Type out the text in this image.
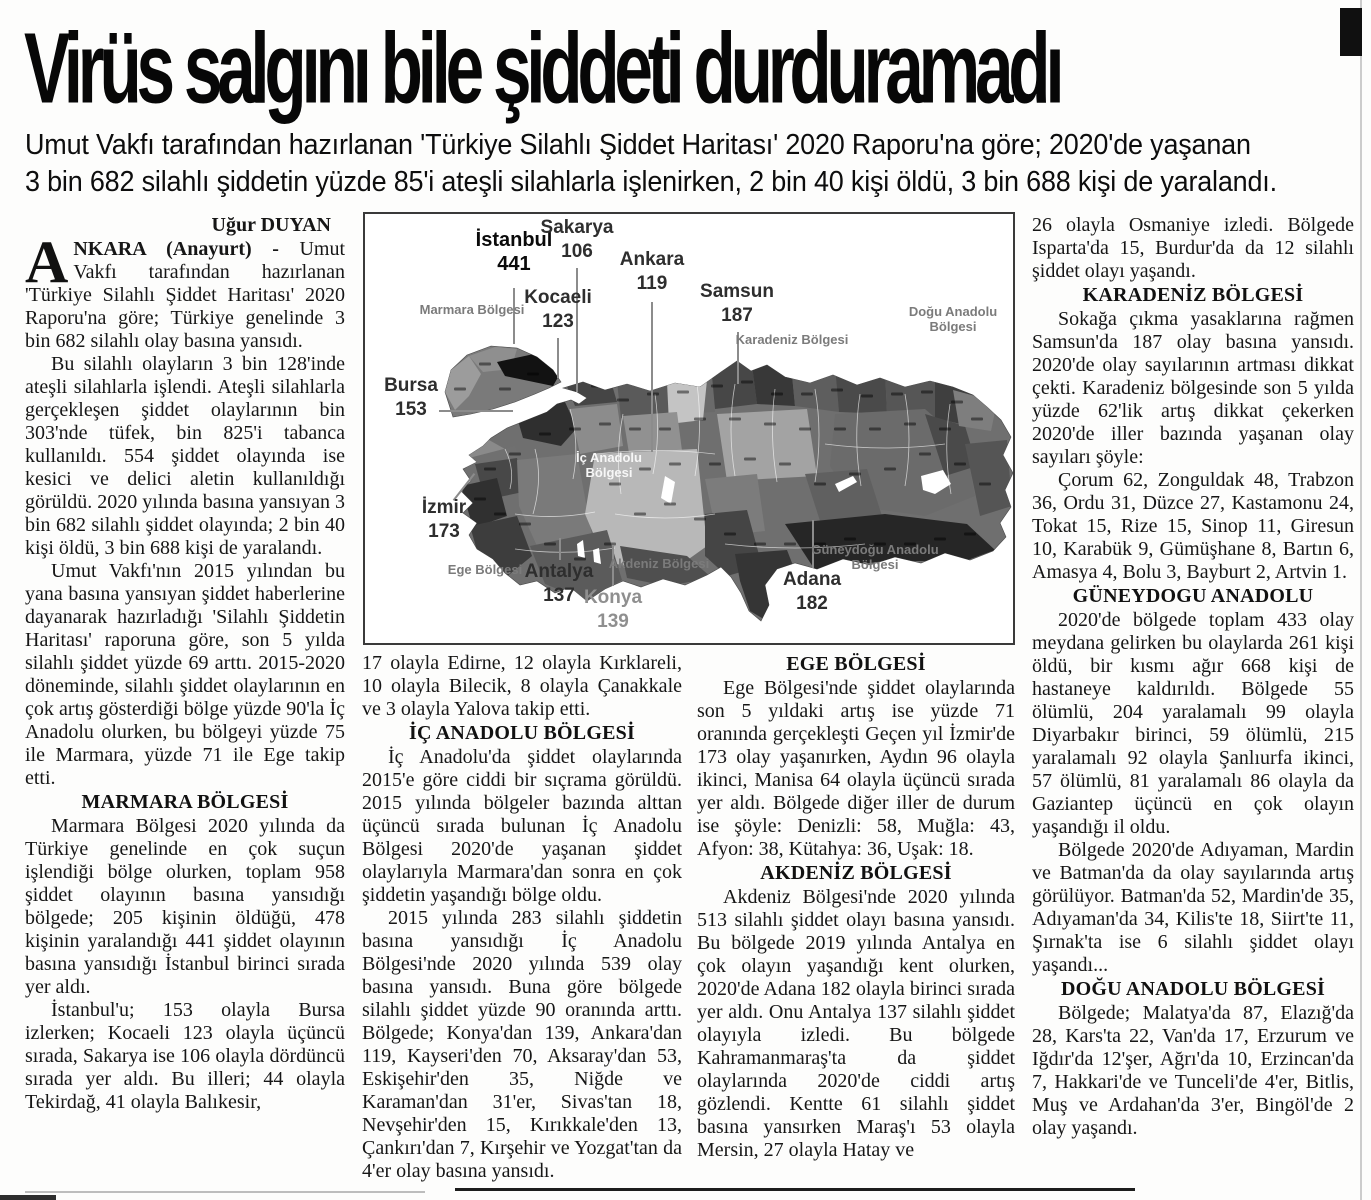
Virüs salgını bile şiddeti durduramadı
Umut Vakfı tarafından hazırlanan 'Türkiye Silahlı Şiddet Haritası' 2020 Raporu'na göre; 2020'de yaşanan
3 bin 682 silahlı şiddetin yüzde 85'i ateşli silahlarla işlenirken, 2 bin 40 kişi öldü, 3 bin 688 kişi de yaralandı.
İstanbul
441
Sakarya
106
Kocaeli
123
Ankara
119	Samsun
187
Bursa
153
İzmir
173
Antalya
137 Konya
139
Adana
182
Marmara Bölgesi
Karadeniz Bölgesi
Doğu Anadolu Bölgesi
İç Anadolu Bölgesi
Ege Bölgesi	Akdeniz Bölgesi
Güneydoğu Anadolu Bölgesi
Uğur DUYAN

ANKARA (Anayurt) - Umut Vakfı tarafından hazırlanan 'Türkiye Silahlı Şiddet Haritası' 2020 Raporu'na göre; Türkiye genelinde 3 bin 682 silahlı olay basına yansıdı.

Bu silahlı olayların 3 bin 128'inde ateşli silahlarla işlendi. Ateşli silahlarla gerçekleşen şiddet olaylarının bin 303'nde tüfek, bin 825'i tabanca kullanıldı. 554 şiddet olayında ise kesici ve delici aletin kullanıldığı görüldü. 2020 yılında basına yansıyan 3 bin 682 silahlı şiddet olayında; 2 bin 40 kişi öldü, 3 bin 688 kişi de yaralandı.

Umut Vakfı'nın 2015 yılından bu yana basına yansıyan şiddet haberlerine dayanarak hazırladığı 'Silahlı Şiddetin Haritası' raporuna göre, son 5 yılda silahlı şiddet yüzde 69 arttı. 2015-2020 döneminde, silahlı şiddet olaylarının en çok artış gösterdiği bölge yüzde 90'la İç Anadolu olurken, bu bölgeyi yüzde 75 ile Marmara, yüzde 71 ile Ege takip etti.

MARMARA BÖLGESİ

Marmara Bölgesi 2020 yılında da Türkiye genelinde en çok suçun işlendiği bölge olurken, toplam 958 şiddet olayının basına yansıdığı bölgede; 205 kişinin öldüğü, 478 kişinin yaralandığı 441 şiddet olayının basına yansıdığı İstanbul birinci sırada yer aldı.

İstanbul'u; 153 olayla Bursa izlerken; Kocaeli 123 olayla üçüncü sırada, Sakarya ise 106 olayla dördüncü sırada yer aldı. Bu illeri; 44 olayla Tekirdağ, 41 olayla Balıkesir,

17 olayla Edirne, 12 olayla Kırklareli, 10 olayla Bilecik, 8 olayla Çanakkale ve 3 olayla Yalova takip etti.

İÇ ANADOLU BÖLGESİ

İç Anadolu'da şiddet olaylarında 2015'e göre ciddi bir sıçrama görüldü. 2015 yılında bölgeler bazında alttan üçüncü sırada bulunan İç Anadolu Bölgesi 2020'de yaşanan şiddet olaylarıyla Marmara'dan sonra en çok şiddetin yaşandığı bölge oldu.

2015 yılında 283 silahlı şiddetin basına yansıdığı İç Anadolu Bölgesi'nde 2020 yılında 539 olay basına yansıdı. Buna göre bölgede silahlı şiddet yüzde 90 oranında arttı. Bölgede; Konya'dan 139, Ankara'dan 119, Kayseri'den 70, Aksaray'dan 53, Eskişehir'den 35, Niğde ve Karaman'dan 31'er, Sivas'tan 18, Nevşehir'den 15, Kırıkkale'den 13, Çankırı'dan 7, Kırşehir ve Yozgat'tan da 4'er olay basına yansıdı.

EGE BÖLGESİ

Ege Bölgesi'nde şiddet olaylarında son 5 yıldaki artış ise yüzde 71 oranında gerçekleşti Geçen yıl İzmir'de 173 olay yaşanırken, Aydın 96 olayla ikinci, Manisa 64 olayla üçüncü sırada yer aldı. Bölgede diğer iller de durum ise şöyle: Denizli: 58, Muğla: 43, Afyon: 38, Kütahya: 36, Uşak: 18.

AKDENİZ BÖLGESİ

Akdeniz Bölgesi'nde 2020 yılında 513 silahlı şiddet olayı basına yansıdı. Bu bölgede 2019 yılında Antalya en çok olayın yaşandığı kent olurken, 2020'de Adana 182 olayla birinci sırada yer aldı. Onu Antalya 137 silahlı şiddet olayıyla izledi. Bu bölgede Kahramanmaraş'ta da şiddet olaylarında 2020'de ciddi artış gözlendi. Kentte 61 silahlı şiddet basına yansırken Maraş'ı 53 olayla Mersin, 27 olayla Hatay ve

26 olayla Osmaniye izledi. Bölgede Isparta'da 15, Burdur'da da 12 silahlı şiddet olayı yaşandı.

KARADENİZ BÖLGESİ

Sokağa çıkma yasaklarına rağmen Samsun'da 187 olay basına yansıdı. 2020'de olay sayılarının artması dikkat çekti. Karadeniz bölgesinde son 5 yılda yüzde 62'lik artış dikkat çekerken 2020'de iller bazında yaşanan olay sayıları şöyle:

Çorum 62, Zonguldak 48, Trabzon 36, Ordu 31, Düzce 27, Kastamonu 24, Tokat 15, Rize 15, Sinop 11, Giresun 10, Karabük 9, Gümüşhane 8, Bartın 6, Amasya 4, Bolu 3, Bayburt 2, Artvin 1.

GÜNEYDOGU ANADOLU

2020'de bölgede toplam 433 olay meydana gelirken bu olaylarda 261 kişi öldü, bir kısmı ağır 668 kişi de hastaneye kaldırıldı. Bölgede 55 ölümlü, 204 yaralamalı 99 olayla Diyarbakır birinci, 59 ölümlü, 215 yaralamalı 92 olayla Şanlıurfa ikinci, 57 ölümlü, 81 yaralamalı 86 olayla da Gaziantep üçüncü en çok olayın yaşandığı il oldu.

Bölgede 2020'de Adıyaman, Mardin ve Batman'da da olay sayılarında artış görülüyor. Batman'da 52, Mardin'de 35, Adıyaman'da 34, Kilis'te 18, Siirt'te 11, Şırnak'ta ise 6 silahlı şiddet olayı yaşandı...

DOĞU ANADOLU BÖLGESİ

Bölgede; Malatya'da 87, Elazığ'da 28, Kars'ta 22, Van'da 17, Erzurum ve Iğdır'da 12'şer, Ağrı'da 10, Erzincan'da 7, Hakkari'de ve Tunceli'de 4'er, Bitlis, Muş ve Ardahan'da 3'er, Bingöl'de 2 olay yaşandı.
